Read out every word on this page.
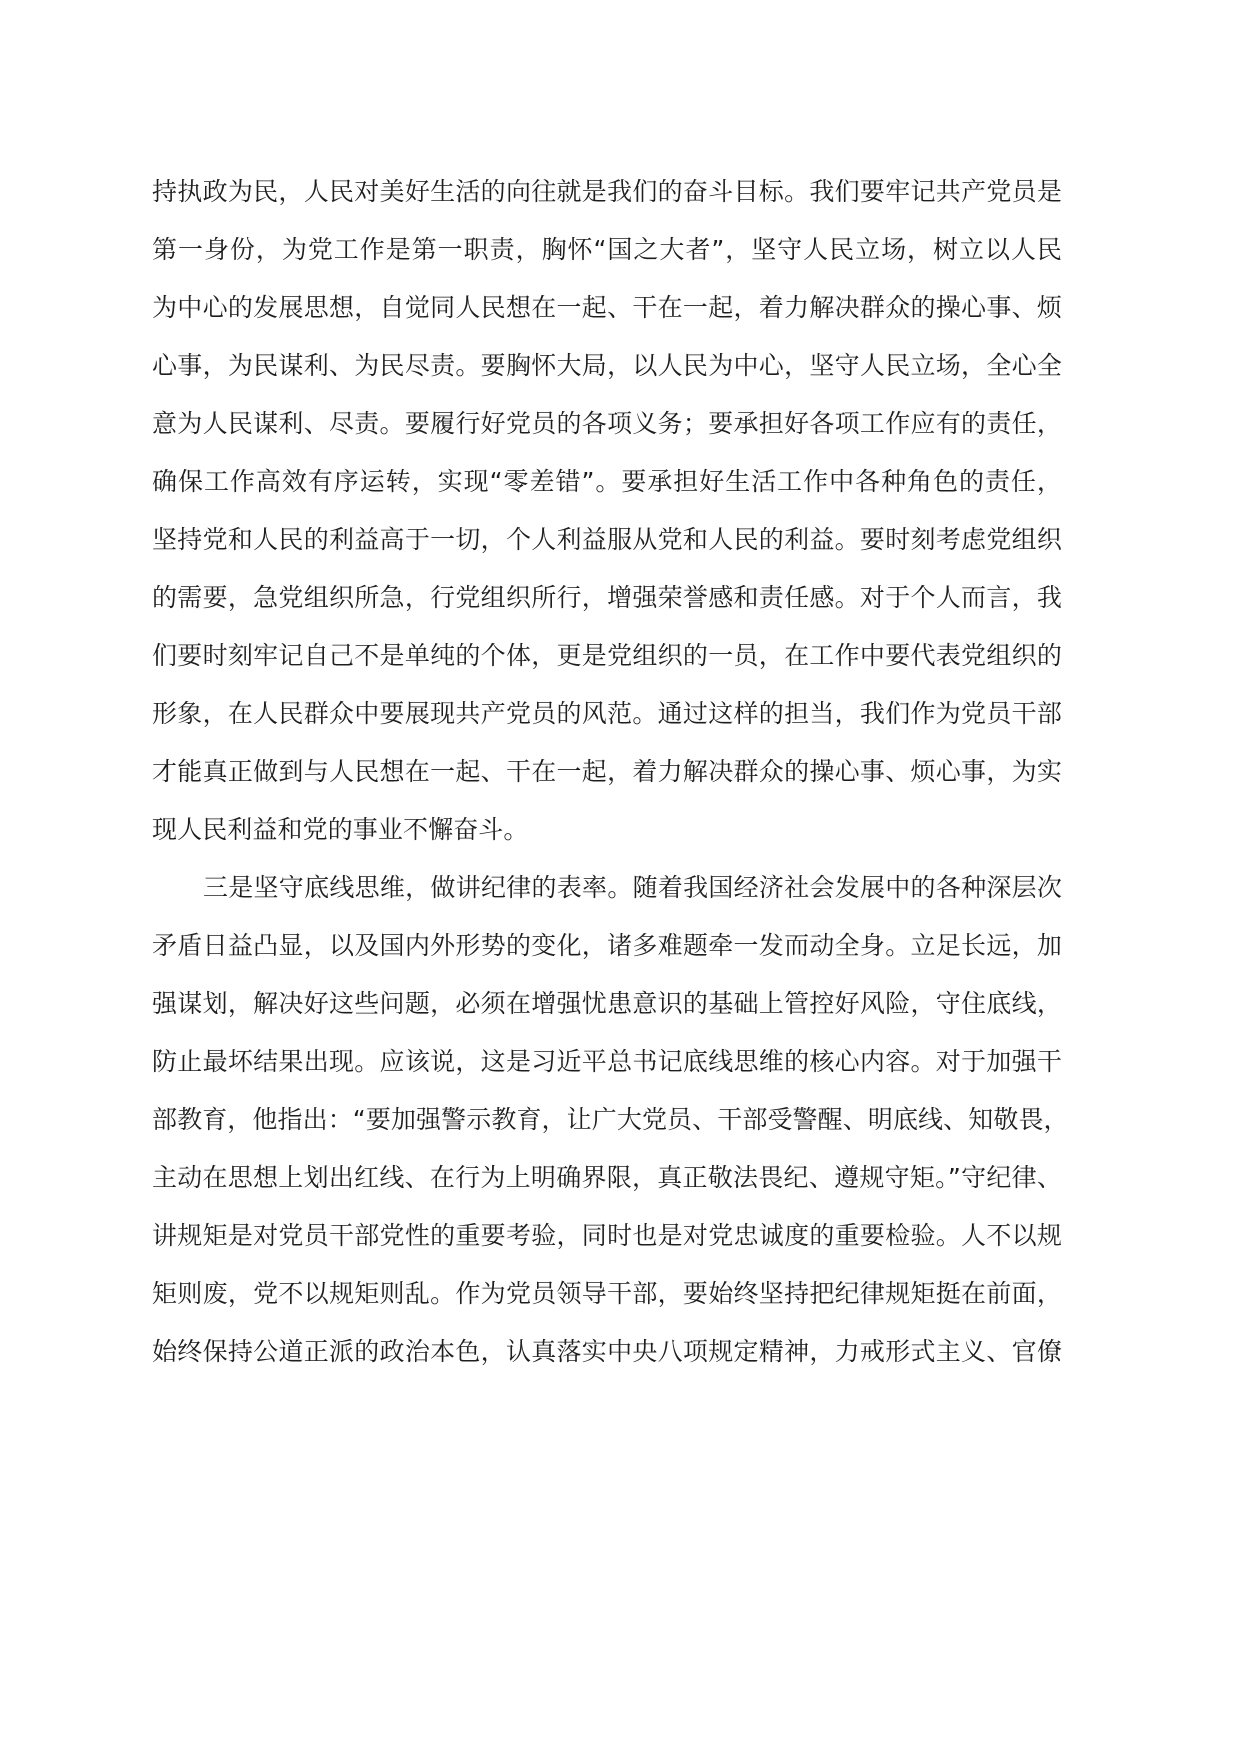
持执政为民，人民对美好生活的向往就是我们的奋斗目标。我们要牢记共产党员是
第一身份，为党工作是第一职责，胸怀“国之大者”，坚守人民立场，树立以人民
为中心的发展思想，自觉同人民想在一起、干在一起，着力解决群众的操心事、烦
心事，为民谋利、为民尽责。要胸怀大局，以人民为中心，坚守人民立场，全心全
意为人民谋利、尽责。要履行好党员的各项义务；要承担好各项工作应有的责任，
确保工作高效有序运转，实现“零差错”。要承担好生活工作中各种角色的责任，
坚持党和人民的利益高于一切，个人利益服从党和人民的利益。要时刻考虑党组织
的需要，急党组织所急，行党组织所行，增强荣誉感和责任感。对于个人而言，我
们要时刻牢记自己不是单纯的个体，更是党组织的一员，在工作中要代表党组织的
形象，在人民群众中要展现共产党员的风范。通过这样的担当，我们作为党员干部
才能真正做到与人民想在一起、干在一起，着力解决群众的操心事、烦心事，为实
现人民利益和党的事业不懈奋斗。
三是坚守底线思维，做讲纪律的表率。随着我国经济社会发展中的各种深层次
矛盾日益凸显，以及国内外形势的变化，诸多难题牵一发而动全身。立足长远，加
强谋划，解决好这些问题，必须在增强忧患意识的基础上管控好风险，守住底线，
防止最坏结果出现。应该说，这是习近平总书记底线思维的核心内容。对于加强干
部教育，他指出：“要加强警示教育，让广大党员、干部受警醒、明底线、知敬畏，
主动在思想上划出红线、在行为上明确界限，真正敬法畏纪、遵规守矩。”守纪律、
讲规矩是对党员干部党性的重要考验，同时也是对党忠诚度的重要检验。人不以规
矩则废，党不以规矩则乱。作为党员领导干部，要始终坚持把纪律规矩挺在前面，
始终保持公道正派的政治本色，认真落实中央八项规定精神，力戒形式主义、官僚
